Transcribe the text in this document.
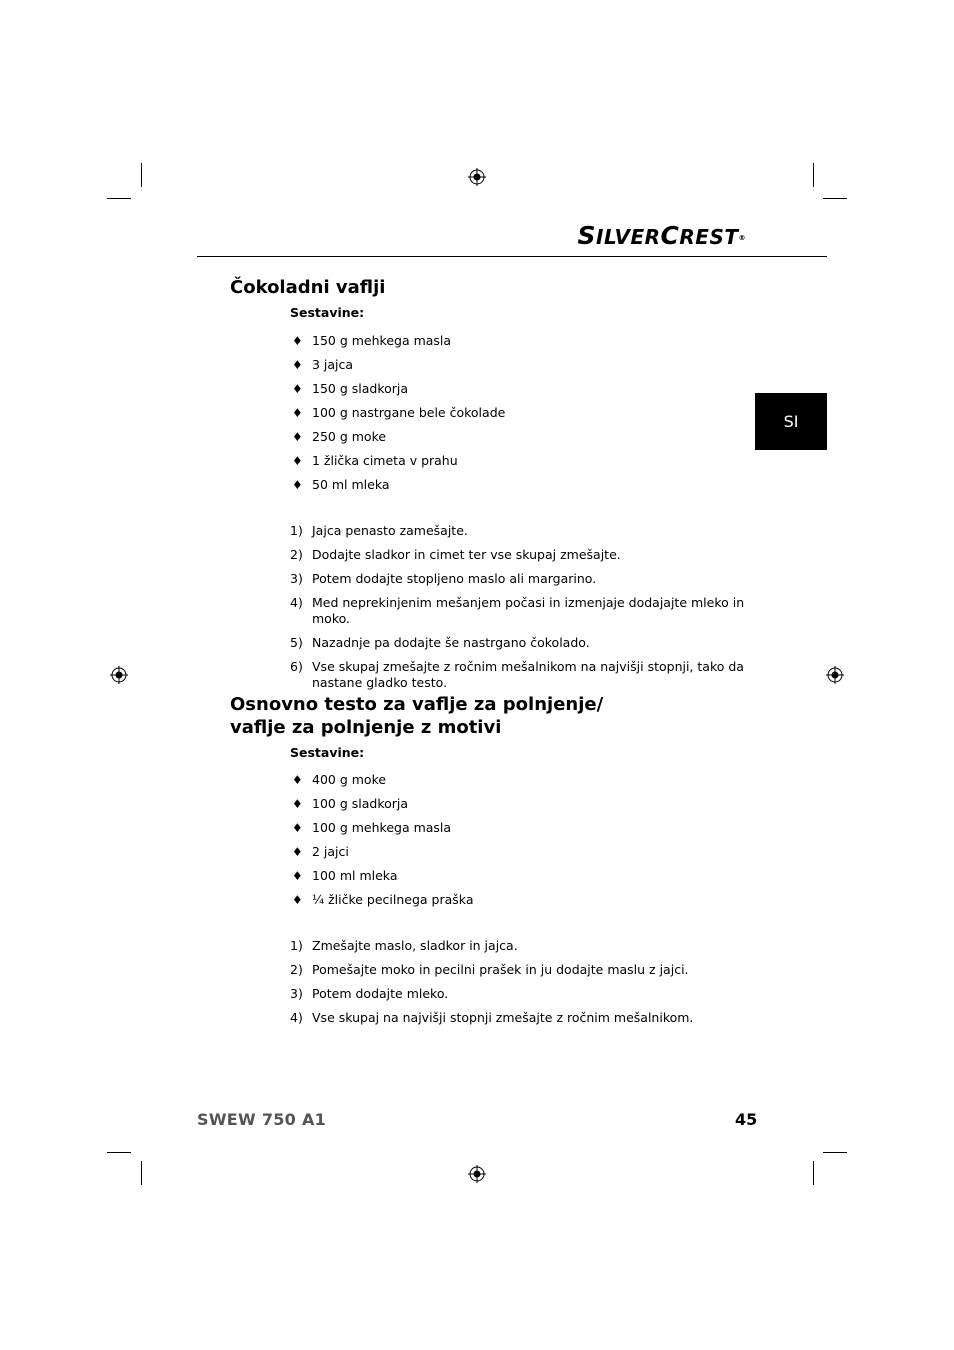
SILVERCREST®
SI
Čokoladni vaflji

Sestavine:

♦ 150 g mehkega masla
♦ 3 jajca
♦ 150 g sladkorja
♦ 100 g nastrgane bele čokolade
♦ 250 g moke
♦ 1 žlička cimeta v prahu
♦ 50 ml mleka
1) Jajca penasto zamešajte.
2) Dodajte sladkor in cimet ter vse skupaj zmešajte.
3) Potem dodajte stopljeno maslo ali margarino.
4) Med neprekinjenim mešanjem počasi in izmenjaje dodajajte mleko in moko.
5) Nazadnje pa dodajte še nastrgano čokolado.
6) Vse skupaj zmešajte z ročnim mešalnikom na najvišji stopnji, tako da nastane gladko testo.
Osnovno testo za vaflje za polnjenje/
vaflje za polnjenje z motivi

Sestavine:

♦ 400 g moke
♦ 100 g sladkorja
♦ 100 g mehkega masla
♦ 2 jajci
♦ 100 ml mleka
♦ ¼ žličke pecilnega praška
1) Zmešajte maslo, sladkor in jajca.
2) Pomešajte moko in pecilni prašek in ju dodajte maslu z jajci.
3) Potem dodajte mleko.
4) Vse skupaj na najvišji stopnji zmešajte z ročnim mešalnikom.
SWEW 750 A1	45
